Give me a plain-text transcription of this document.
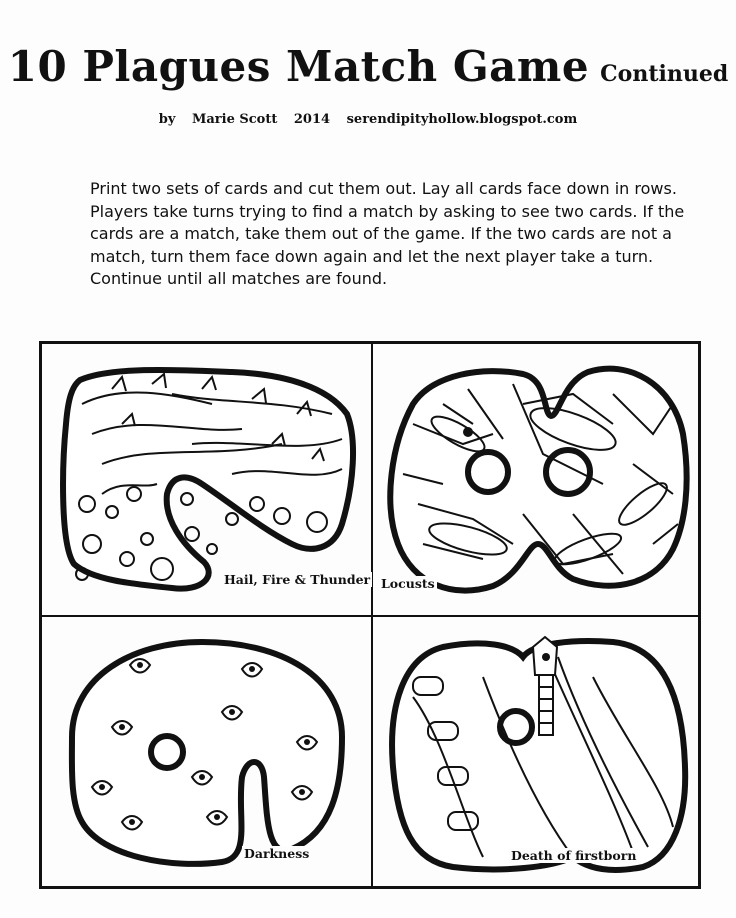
10 Plagues Match Game Continued
by Marie Scott 2014 serendipityhollow.blogspot.com

Print two sets of cards and cut them out. Lay all cards face down in rows. Players take turns trying to find a match by asking to see two cards. If the cards are a match, take them out of the game. If the two cards are not a match, turn them face down again and let the next player take a turn. Continue until all matches are found.

Hail, Fire & Thunder Locusts
Darkness	Death of firstborn
